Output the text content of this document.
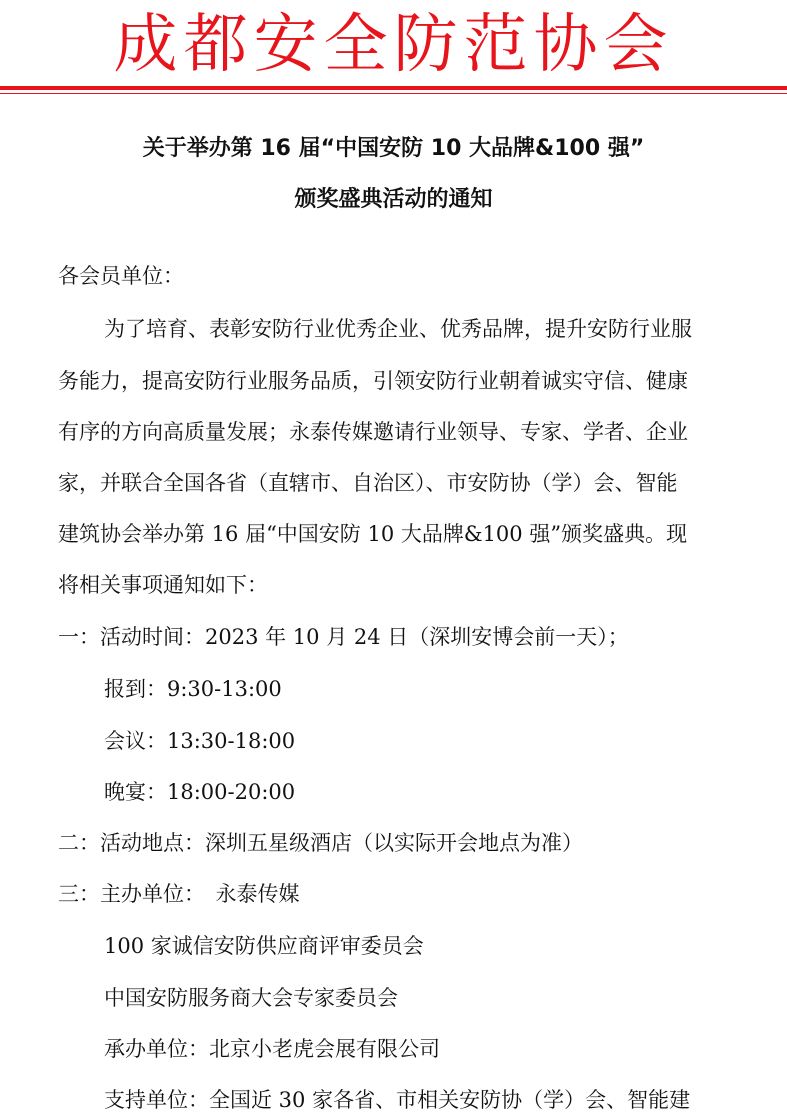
成都安全防范协会
关于举办第 16 届“中国安防 10 大品牌&100 强”
颁奖盛典活动的通知
各会员单位：
为了培育、表彰安防行业优秀企业、优秀品牌，提升安防行业服
务能力，提高安防行业服务品质，引领安防行业朝着诚实守信、健康
有序的方向高质量发展；永泰传媒邀请行业领导、专家、学者、企业
家，并联合全国各省（直辖市、自治区）、市安防协（学）会、智能
建筑协会举办第 16 届“中国安防 10 大品牌&100 强”颁奖盛典。现
将相关事项通知如下：
一：活动时间：2023 年 10 月 24 日（深圳安博会前一天）；
报到：9:30-13:00
会议：13:30-18:00
晚宴：18:00-20:00
二：活动地点：深圳五星级酒店（以实际开会地点为准）
三：主办单位：　永泰传媒
100 家诚信安防供应商评审委员会
中国安防服务商大会专家委员会
承办单位：北京小老虎会展有限公司
支持单位：全国近 30 家各省、市相关安防协（学）会、智能建
